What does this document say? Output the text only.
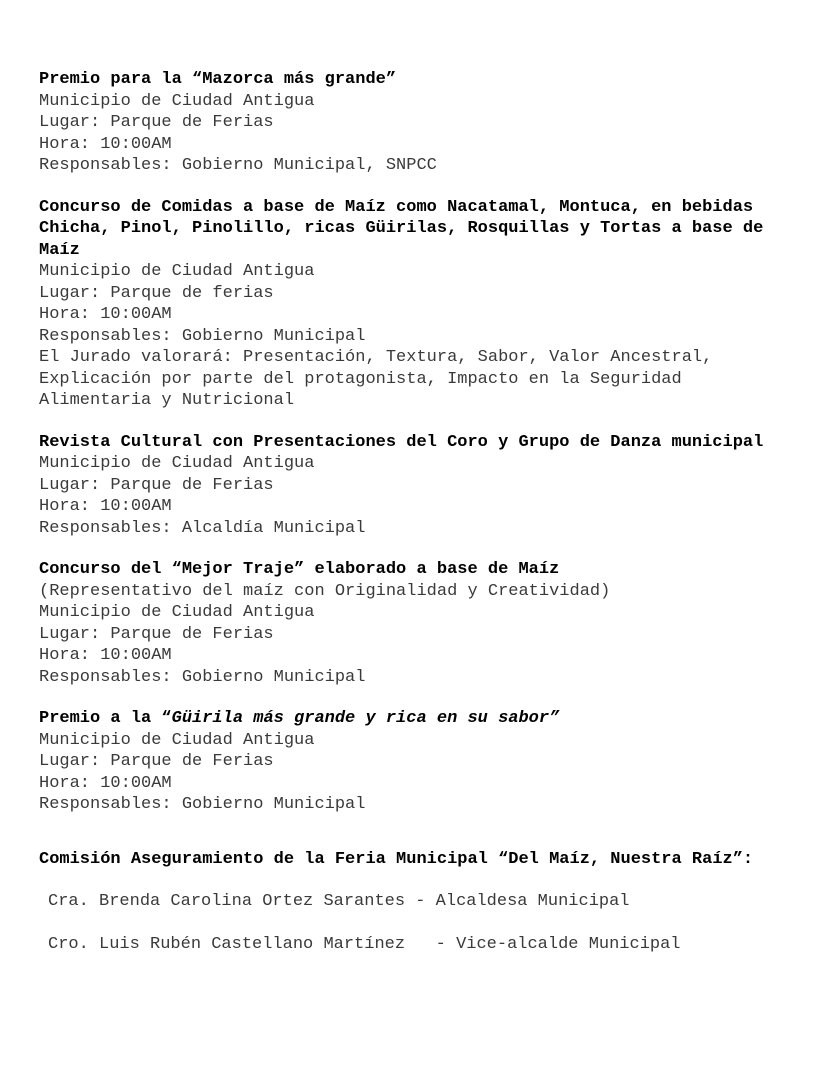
Premio para la “Mazorca más grande”
Municipio de Ciudad Antigua
Lugar: Parque de Ferias
Hora: 10:00AM
Responsables: Gobierno Municipal, SNPCC
Concurso de Comidas a base de Maíz como Nacatamal, Montuca, en bebidas Chicha, Pinol, Pinolillo, ricas Güirilas, Rosquillas y Tortas a base de Maíz
Municipio de Ciudad Antigua
Lugar: Parque de ferias
Hora: 10:00AM
Responsables: Gobierno Municipal
El Jurado valorará: Presentación, Textura, Sabor, Valor Ancestral, Explicación por parte del protagonista, Impacto en la Seguridad Alimentaria y Nutricional
Revista Cultural con Presentaciones del Coro y Grupo de Danza municipal
Municipio de Ciudad Antigua
Lugar: Parque de Ferias
Hora: 10:00AM
Responsables: Alcaldía Municipal
Concurso del “Mejor Traje” elaborado a base de Maíz
(Representativo del maíz con Originalidad y Creatividad)
Municipio de Ciudad Antigua
Lugar: Parque de Ferias
Hora: 10:00AM
Responsables: Gobierno Municipal
Premio a la “Güirila más grande y rica en su sabor”
Municipio de Ciudad Antigua
Lugar: Parque de Ferias
Hora: 10:00AM
Responsables: Gobierno Municipal
Comisión Aseguramiento de la Feria Municipal “Del Maíz, Nuestra Raíz”:
Cra. Brenda Carolina Ortez Sarantes - Alcaldesa Municipal
Cro. Luis Rubén Castellano Martínez   - Vice-alcalde Municipal
